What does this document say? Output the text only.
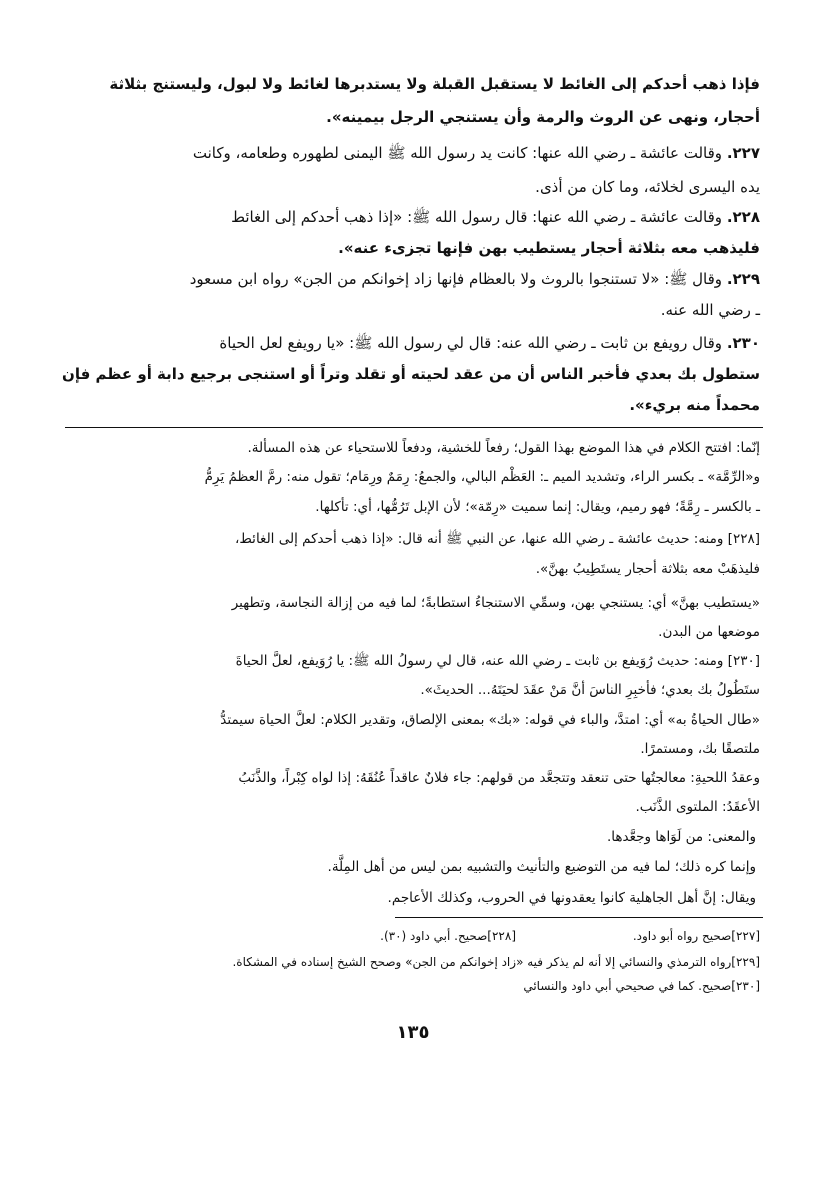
فإذا ذهب أحدكم إلى الغائط لا يستقبل القبلة ولا يستدبرها لغائط ولا لبول، وليستنج بثلاثة
أحجار، ونهى عن الروث والرمة وأن يستنجي الرجل بيمينه».
٢٢٧. وقالت عائشة ـ رضي الله عنها: كانت يد رسول الله ﷺ اليمنى لطهوره وطعامه، وكانت
يده اليسرى لخلائه، وما كان من أذى.
٢٢٨. وقالت عائشة ـ رضي الله عنها: قال رسول الله ﷺ: «إذا ذهب أحدكم إلى الغائط
فليذهب معه بثلاثة أحجار يستطيب بهن فإنها تجزىء عنه».
٢٢٩. وقال ﷺ: «لا تستنجوا بالروث ولا بالعظام فإنها زاد إخوانكم من الجن» رواه ابن مسعود
ـ رضي الله عنه.
٢٣٠. وقال رويفع بن ثابت ـ رضي الله عنه: قال لي رسول الله ﷺ: «يا رويفع لعل الحياة
ستطول بك بعدي فأخبر الناس أن من عقد لحيته أو تقلد وتراً أو استنجى برجيع دابة أو عظم فإن
محمداً منه بريء».
إنّما: افتتح الكلام في هذا الموضع بهذا القول؛ رفعاً للخشية، ودفعاً للاستحياء عن هذه المسألة.
و«الرِّمَّة» ـ بكسر الراء، وتشديد الميم ـ: العَظْم البالي، والجمعُ: رِمَمٌ ورِمَام؛ تقول منه: رمَّ العظمُ يَرِمُّ
ـ بالكسر ـ رِمَّةً؛ فهو رميم، ويقال: إنما سميت «رِمّة»؛ لأن الإبل تَرُمُّها، أي: تأكلها.
[٢٢٨] ومنه: حديث عائشة ـ رضي الله عنها، عن النبي ﷺ أنه قال: «إذا ذهب أحدكم إلى الغائط،
فليذهَبْ معه بثلاثة أحجار يستَطِيبُ بهنَّ».
«يستطيب بهنَّ» أي: يستنجي بهن، وسمِّي الاستنجاءُ استطابةً؛ لما فيه من إزالة النجاسة، وتطهير
موضعها من البدن.
[٢٣٠] ومنه: حديث رُوَيفع بن ثابت ـ رضي الله عنه، قال لي رسولُ الله ﷺ: يا رُوَيفع، لعلَّ الحياةَ
ستَطُولُ بك بعدي؛ فأخبِرِ الناسَ أنَّ مَنْ عقَدَ لحيَتَهُ... الحديثَ».
«طال الحياةُ به» أي: امتدَّ، والباء في قوله: «بك» بمعنى الإلصاق، وتقدير الكلام: لعلَّ الحياة سيمتدُّ
ملتصقًا بك، ومستمرًا.
وعقدُ اللحيةِ: معالجتُها حتى تنعقد وتتجعَّد من قولهم: جاء فلانٌ عاقداً عُنُقَهُ: إذا لواه كِبْراً، والذَّنَبُ
الأعقَدُ: الملتوى الذَّنَب.
والمعنى: من لَوَاها وجعَّدها.
وإنما كره ذلك؛ لما فيه من التوضيع والتأنيث والتشبيه بمن ليس من أهل المِلَّة.
ويقال: إنَّ أهل الجاهلية كانوا يعقدونها في الحروب، وكذلك الأعاجم.
[٢٢٧]صحيح رواه أبو داود.
[٢٢٨]صحيح. أبي داود (٣٠).
[٢٢٩]رواه الترمذي والنسائي إلا أنه لم يذكر فيه «زاد إخوانكم من الجن» وصحح الشيخ إسناده في المشكاة.
[٢٣٠]صحيح. كما في صحيحي أبي داود والنسائي
١٣٥
